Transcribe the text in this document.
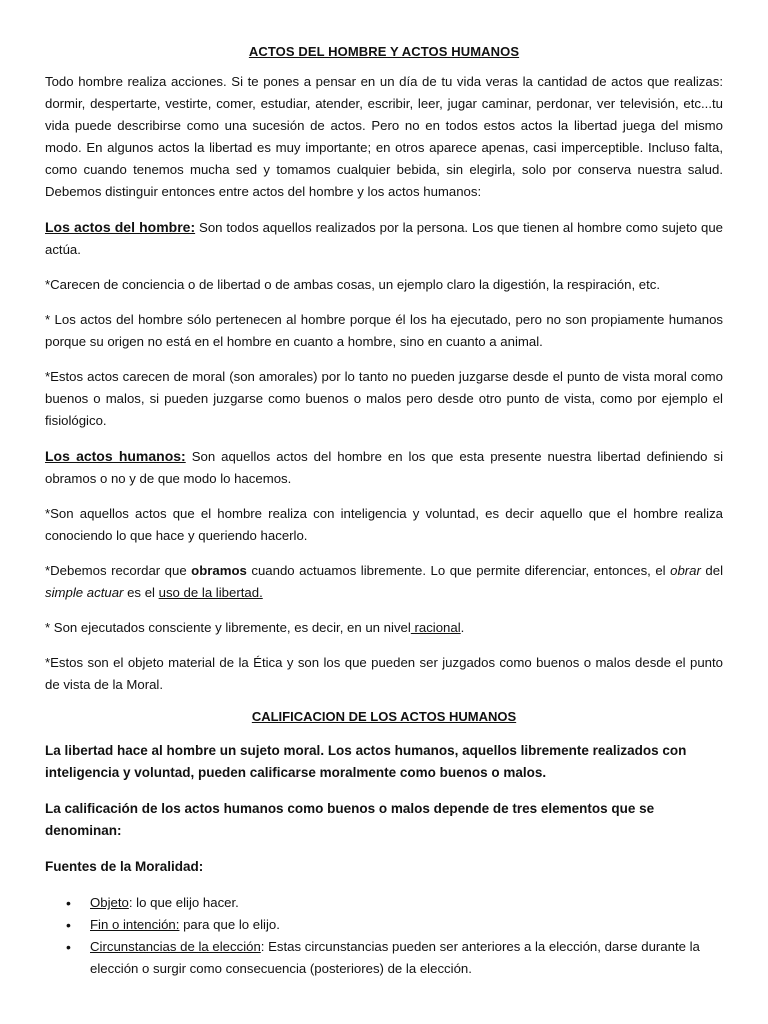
ACTOS DEL HOMBRE Y ACTOS HUMANOS

Todo hombre realiza acciones. Si te pones a pensar en un día de tu vida veras la cantidad de actos que realizas: dormir, despertarte, vestirte, comer, estudiar, atender, escribir, leer, jugar caminar, perdonar, ver televisión, etc...tu vida puede describirse como una sucesión de actos. Pero no en todos estos actos la libertad juega del mismo modo. En algunos actos la libertad es muy importante; en otros aparece apenas, casi imperceptible. Incluso falta, como cuando tenemos mucha sed y tomamos cualquier bebida, sin elegirla, solo por conserva nuestra salud. Debemos distinguir entonces entre actos del hombre y los actos humanos:

Los actos del hombre: Son todos aquellos realizados por la persona. Los que tienen al hombre como sujeto que actúa.

*Carecen de conciencia o de libertad o de ambas cosas, un ejemplo claro la digestión, la respiración, etc.

* Los actos del hombre sólo pertenecen al hombre porque él los ha ejecutado, pero no son propiamente humanos porque su origen no está en el hombre en cuanto a hombre, sino en cuanto a animal.

*Estos actos carecen de moral (son amorales) por lo tanto no pueden juzgarse desde el punto de vista moral como buenos o malos, si pueden juzgarse como buenos o malos pero desde otro punto de vista, como por ejemplo el fisiológico.

Los actos humanos: Son aquellos actos del hombre en los que esta presente nuestra libertad definiendo si obramos o no y de que modo lo hacemos.

*Son aquellos actos que el hombre realiza con inteligencia y voluntad, es decir aquello que el hombre realiza conociendo lo que hace y queriendo hacerlo.

*Debemos recordar que obramos cuando actuamos libremente. Lo que permite diferenciar, entonces, el obrar del simple actuar es el uso de la libertad.

* Son ejecutados consciente y libremente, es decir, en un nivel racional.

*Estos son el objeto material de la Ética y son los que pueden ser juzgados como buenos o malos desde el punto de vista de la Moral.

CALIFICACION DE LOS ACTOS HUMANOS

La libertad hace al hombre un sujeto moral. Los actos humanos, aquellos libremente realizados con inteligencia y voluntad, pueden calificarse moralmente como buenos o malos.

La calificación de los actos humanos como buenos o malos depende de tres elementos que se denominan:

Fuentes de la Moralidad:

• Objeto: lo que elijo hacer.
• Fin o intención: para que lo elijo.
• Circunstancias de la elección: Estas circunstancias pueden ser anteriores a la elección, darse durante la elección o surgir como consecuencia (posteriores) de la elección.
